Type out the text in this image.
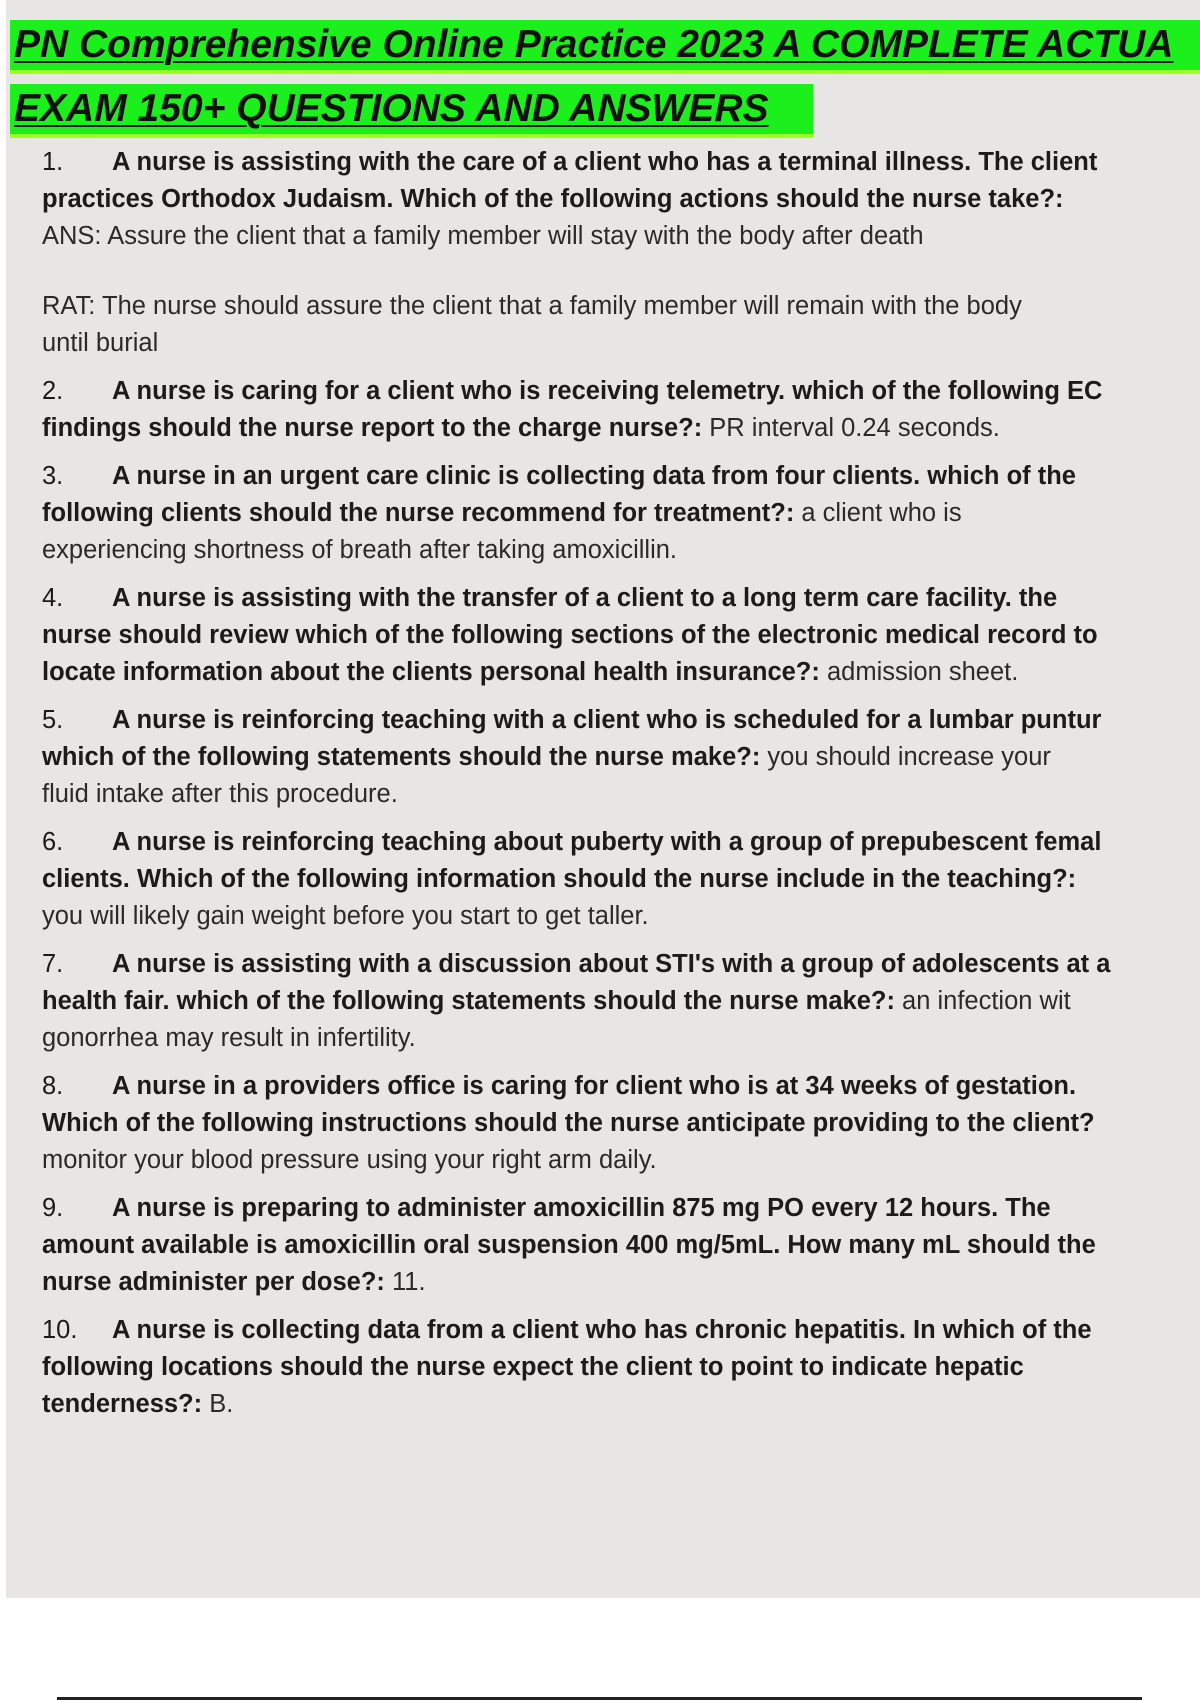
PN Comprehensive Online Practice 2023 A COMPLETE ACTUA
EXAM 150+ QUESTIONS AND ANSWERS
1. A nurse is assisting with the care of a client who has a terminal illness. The client
practices Orthodox Judaism. Which of the following actions should the nurse take?:
ANS: Assure the client that a family member will stay with the body after death
RAT: The nurse should assure the client that a family member will remain with the body
until burial
2. A nurse is caring for a client who is receiving telemetry. which of the following EC
findings should the nurse report to the charge nurse?: PR interval 0.24 seconds.
3. A nurse in an urgent care clinic is collecting data from four clients. which of the
following clients should the nurse recommend for treatment?: a client who is
experiencing shortness of breath after taking amoxicillin.
4. A nurse is assisting with the transfer of a client to a long term care facility. the
nurse should review which of the following sections of the electronic medical record to
locate information about the clients personal health insurance?: admission sheet.
5. A nurse is reinforcing teaching with a client who is scheduled for a lumbar puntur
which of the following statements should the nurse make?: you should increase your
fluid intake after this procedure.
6. A nurse is reinforcing teaching about puberty with a group of prepubescent femal
clients. Which of the following information should the nurse include in the teaching?:
you will likely gain weight before you start to get taller.
7. A nurse is assisting with a discussion about STI's with a group of adolescents at a
health fair. which of the following statements should the nurse make?: an infection wit
gonorrhea may result in infertility.
8. A nurse in a providers office is caring for client who is at 34 weeks of gestation.
Which of the following instructions should the nurse anticipate providing to the client?
monitor your blood pressure using your right arm daily.
9. A nurse is preparing to administer amoxicillin 875 mg PO every 12 hours. The
amount available is amoxicillin oral suspension 400 mg/5mL. How many mL should the
nurse administer per dose?: 11.
10. A nurse is collecting data from a client who has chronic hepatitis. In which of the
following locations should the nurse expect the client to point to indicate hepatic
tenderness?: B.
